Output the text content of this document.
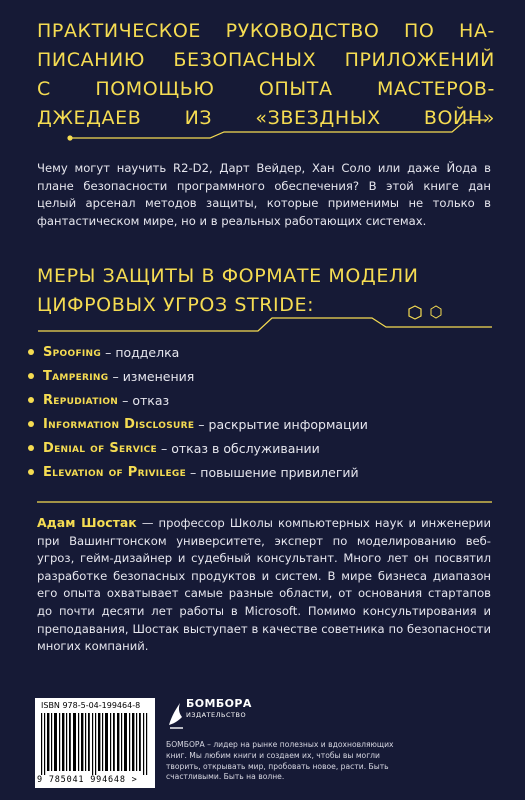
ПРАКТИЧЕСКОЕ РУКОВОДСТВО ПО НА-
ПИСАНИЮ БЕЗОПАСНЫХ ПРИЛОЖЕНИЙ
С ПОМОЩЬЮ ОПЫТА МАСТЕРОВ-
ДЖЕДАЕВ ИЗ «ЗВЕЗДНЫХ ВОЙН»

Чему могут научить R2-D2, Дарт Вейдер, Хан Соло или даже Йода в плане безопасности программного обеспечения? В этой книге дан целый арсенал методов защиты, которые применимы не только в фантастическом мире, но и в реальных работающих системах.

МЕРЫ ЗАЩИТЫ В ФОРМАТЕ МОДЕЛИ
ЦИФРОВЫХ УГРОЗ STRIDE:
Spoofing – подделка
Tampering – изменения
Repudiation – отказ
Information Disclosure – раскрытие информации
Denial of Service – отказ в обслуживании
Elevation of Privilege – повышение привилегий

Адам Шостак — профессор Школы компьютерных наук и инженерии при Вашингтонском университете, эксперт по моделированию веб-угроз, гейм-дизайнер и судебный консультант. Много лет он посвятил разработке безопасных продуктов и систем. В мире бизнеса диапазон его опыта охватывает самые разные области, от основания стартапов до почти десяти лет работы в Microsoft. Помимо консультирования и преподавания, Шостак выступает в качестве советника по безопасности многих компаний.

ISBN 978-5-04-199464-8
9 785041 994648 >
БОМБОРА
ИЗДАТЕЛЬСТВО

БОМБОРА – лидер на рынке полезных и вдохновляющих книг. Мы любим книги и создаем их, чтобы вы могли творить, открывать мир, пробовать новое, расти. Быть счастливыми. Быть на волне.
